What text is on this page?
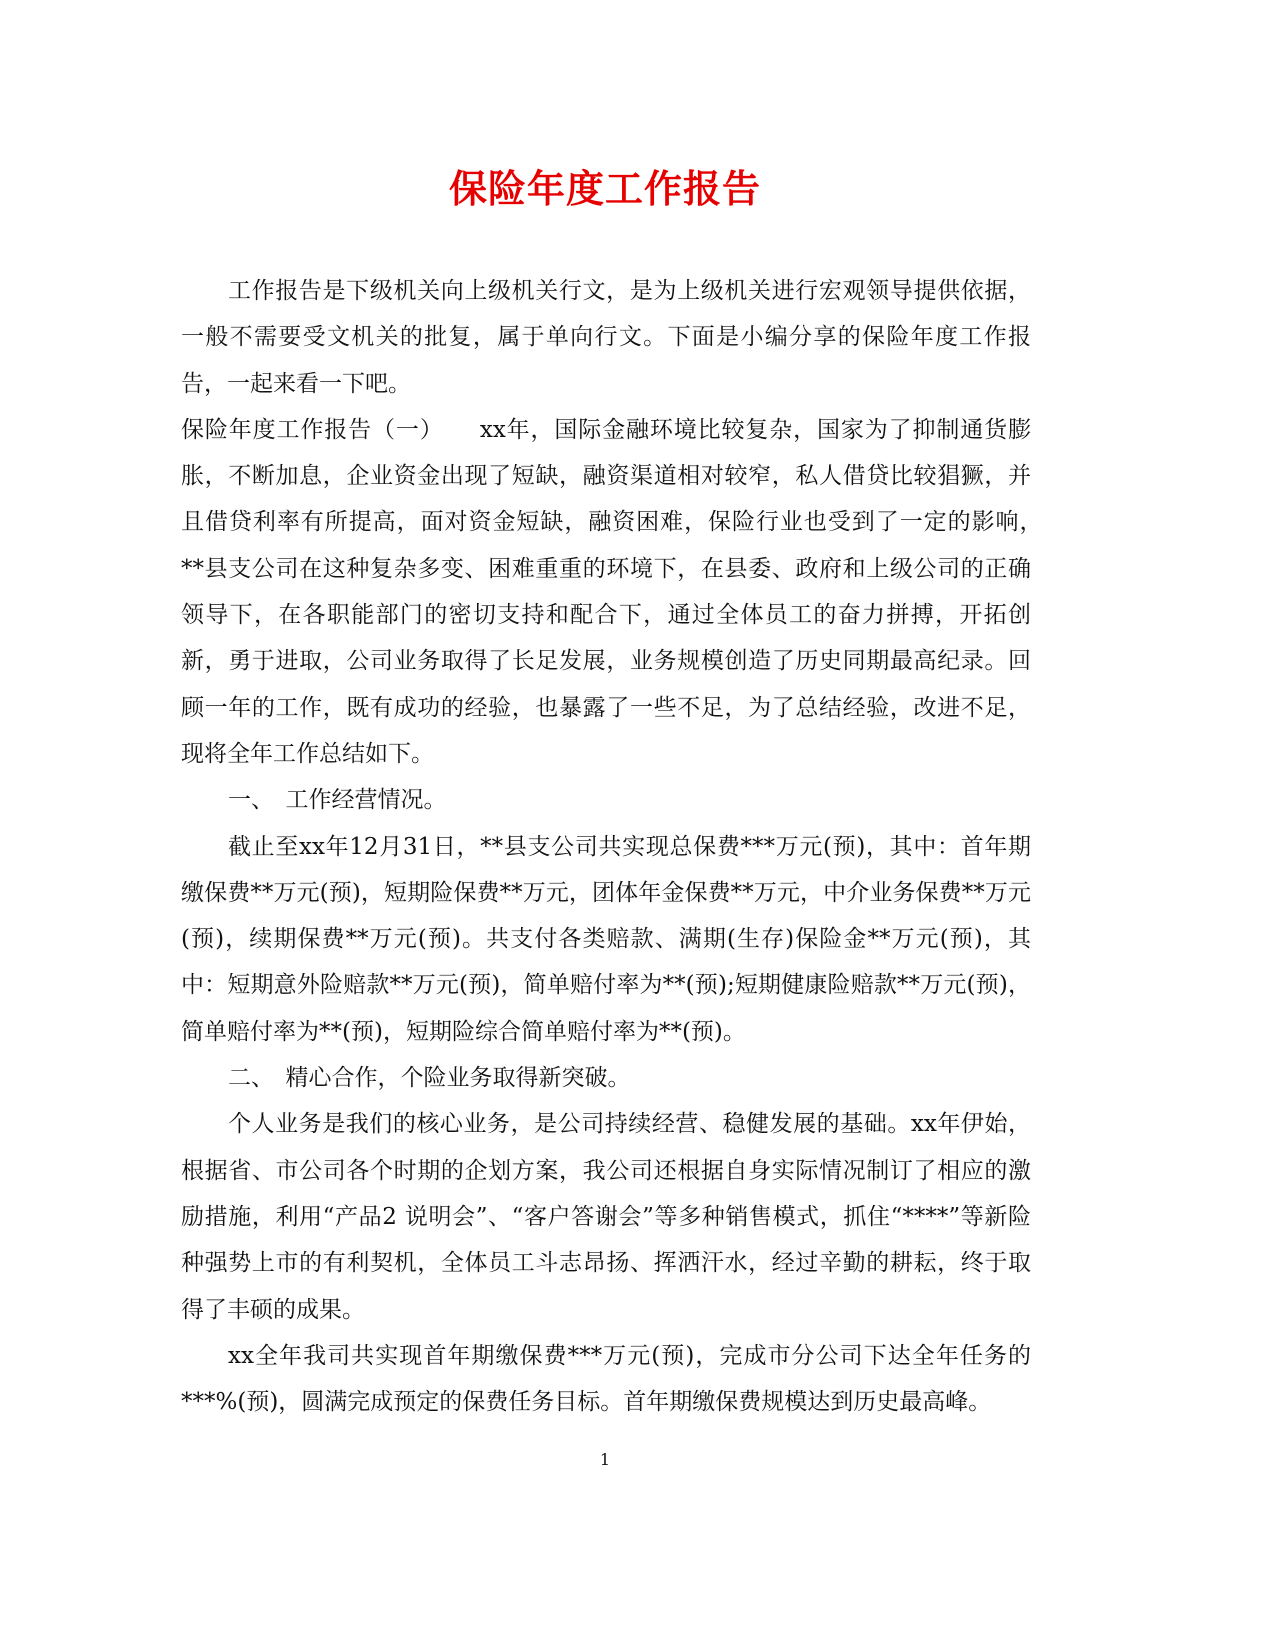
保险年度工作报告

工作报告是下级机关向上级机关行文，是为上级机关进行宏观领导提供依据，一般不需要受文机关的批复，属于单向行文。下面是小编分享的保险年度工作报告，一起来看一下吧。

保险年度工作报告（一）　　xx年，国际金融环境比较复杂，国家为了抑制通货膨胀，不断加息，企业资金出现了短缺，融资渠道相对较窄，私人借贷比较猖獗，并且借贷利率有所提高，面对资金短缺，融资困难，保险行业也受到了一定的影响，　**县支公司在这种复杂多变、困难重重的环境下，在县委、政府和上级公司的正确领导下，在各职能部门的密切支持和配合下，通过全体员工的奋力拼搏，开拓创新，勇于进取，公司业务取得了长足发展，业务规模创造了历史同期最高纪录。回顾一年的工作，既有成功的经验，也暴露了一些不足，为了总结经验，改进不足，现将全年工作总结如下。

一、　工作经营情况。

截止至xx年12月31日，**县支公司共实现总保费***万元(预)，其中：首年期缴保费**万元(预)，短期险保费**万元，团体年金保费**万元，中介业务保费**万元(预)，续期保费**万元(预)。共支付各类赔款、满期(生存)保险金**万元(预)，其中：短期意外险赔款**万元(预)，简单赔付率为**(预);短期健康险赔款**万元(预)，简单赔付率为**(预)，短期险综合简单赔付率为**(预)。

二、　精心合作，个险业务取得新突破。

个人业务是我们的核心业务，是公司持续经营、稳健发展的基础。xx年伊始，根据省、市公司各个时期的企划方案，我公司还根据自身实际情况制订了相应的激励措施，利用“产品2 说明会”、“客户答谢会”等多种销售模式，抓住“****”等新险种强势上市的有利契机，全体员工斗志昂扬、挥洒汗水，经过辛勤的耕耘，终于取得了丰硕的成果。

xx全年我司共实现首年期缴保费***万元(预)，完成市分公司下达全年任务的***%(预)，圆满完成预定的保费任务目标。首年期缴保费规模达到历史最高峰。

1
